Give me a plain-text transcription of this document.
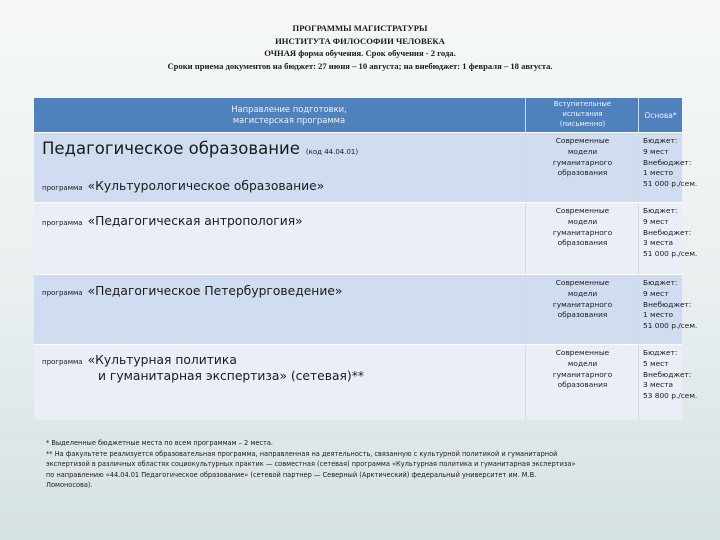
ПРОГРАММЫ МАГИСТРАТУРЫ
ИНСТИТУТА ФИЛОСОФИИ ЧЕЛОВЕКА
ОЧНАЯ форма обучения. Срок обучения - 2 года.
Сроки приема документов на бюджет: 27 июня – 10 августа; на внебюджет: 1 февраля – 18 августа.
Направление подготовки,
магистерская программа
Вступительные
испытания
(письменно)
Основа*
Педагогическое образование (код 44.04.01)
программа «Культурологическое образование»
Современные
модели
гуманитарного
образования
Бюджет:
9 мест
Внебюджет:
1 место
51 000 р./сем.
программа «Педагогическая антропология»
Современные
модели
гуманитарного
образования
Бюджет:
9 мест
Внебюджет:
3 места
51 000 р./сем.
программа «Педагогическое Петербурговедение»
Современные
модели
гуманитарного
образования
Бюджет:
9 мест
Внебюджет:
1 место
51 000 р./сем.
программа «Культурная политика
и гуманитарная экспертиза» (сетевая)**
Современные
модели
гуманитарного
образования
Бюджет:
5 мест
Внебюджет:
3 места
53 800 р./сем.
* Выделенные бюджетные места по всем программам – 2 места.
** На факультете реализуется образовательная программа, направленная на деятельность, связанную с культурной политикой и гуманитарной
экспертизой в различных областях социокультурных практик — совместная (сетевая) программа «Культурная политика и гуманитарная экспертиза»
по направлению «44.04.01 Педагогическое образование» (сетевой партнер — Северный (Арктический) федеральный университет им. М.В.
Ломоносова).
